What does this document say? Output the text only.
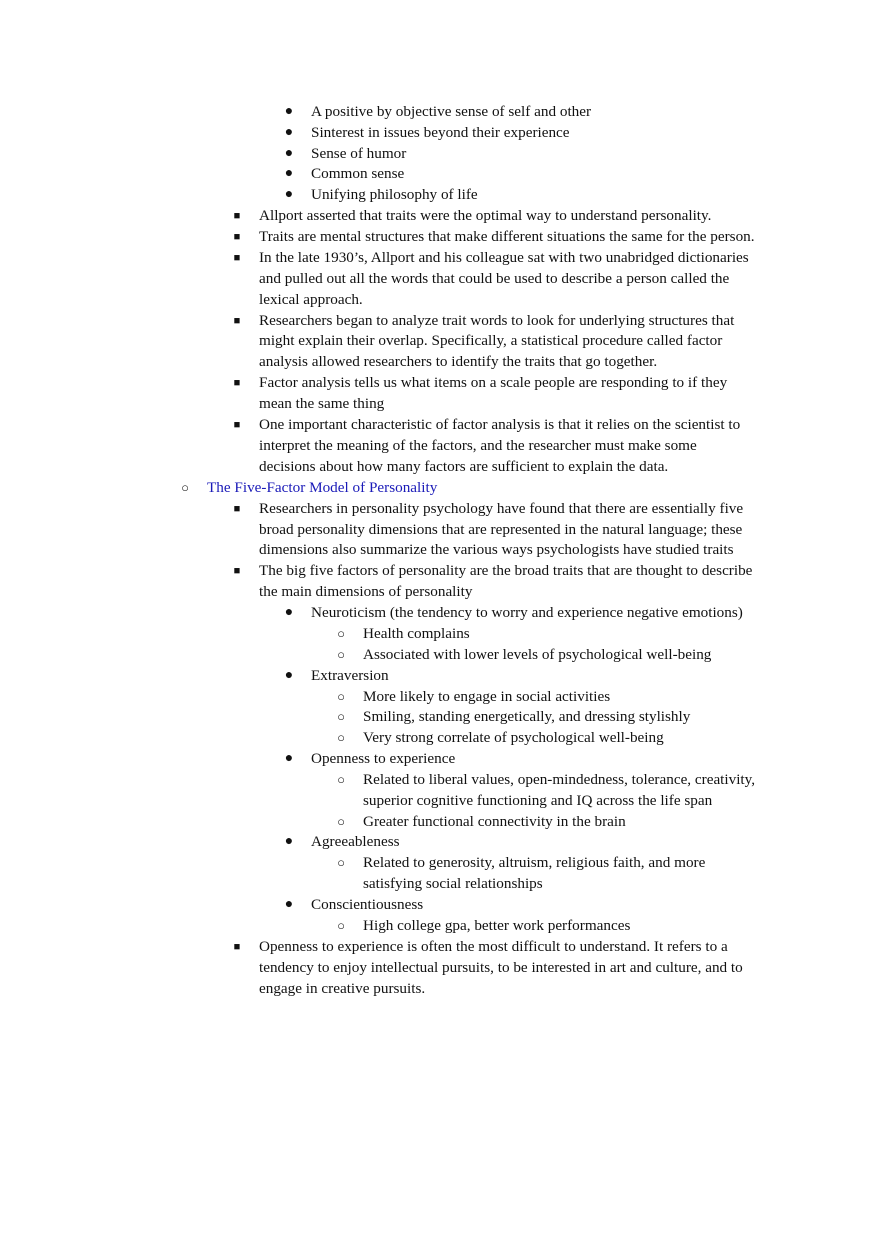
● A positive by objective sense of self and other
● Sinterest in issues beyond their experience
● Sense of humor
● Common sense
● Unifying philosophy of life
■	Allport asserted that traits were the optimal way to understand personality.
■	Traits are mental structures that make different situations the same for the person.
■	In the late 1930’s, Allport and his colleague sat with two unabridged dictionaries
and pulled out all the words that could be used to describe a person called the
lexical approach.
■	Researchers began to analyze trait words to look for underlying structures that
might explain their overlap. Specifically, a statistical procedure called factor
analysis allowed researchers to identify the traits that go together.
■	Factor analysis tells us what items on a scale people are responding to if they
mean the same thing
■	One important characteristic of factor analysis is that it relies on the scientist to
interpret the meaning of the factors, and the researcher must make some
decisions about how many factors are sufficient to explain the data.
○ The Five-Factor Model of Personality
■	Researchers in personality psychology have found that there are essentially five
broad personality dimensions that are represented in the natural language; these
dimensions also summarize the various ways psychologists have studied traits
■	The big five factors of personality are the broad traits that are thought to describe
the main dimensions of personality
● Neuroticism (the tendency to worry and experience negative emotions)
○ Health complains
○ Associated with lower levels of psychological well-being
● Extraversion
○ More likely to engage in social activities
○ Smiling, standing energetically, and dressing stylishly
○ Very strong correlate of psychological well-being
● Openness to experience
○ Related to liberal values, open-mindedness, tolerance, creativity,
superior cognitive functioning and IQ across the life span
○ Greater functional connectivity in the brain
● Agreeableness
○ Related to generosity, altruism, religious faith, and more
satisfying social relationships
● Conscientiousness
○ High college gpa, better work performances
■	Openness to experience is often the most difficult to understand. It refers to a
tendency to enjoy intellectual pursuits, to be interested in art and culture, and to
engage in creative pursuits.
